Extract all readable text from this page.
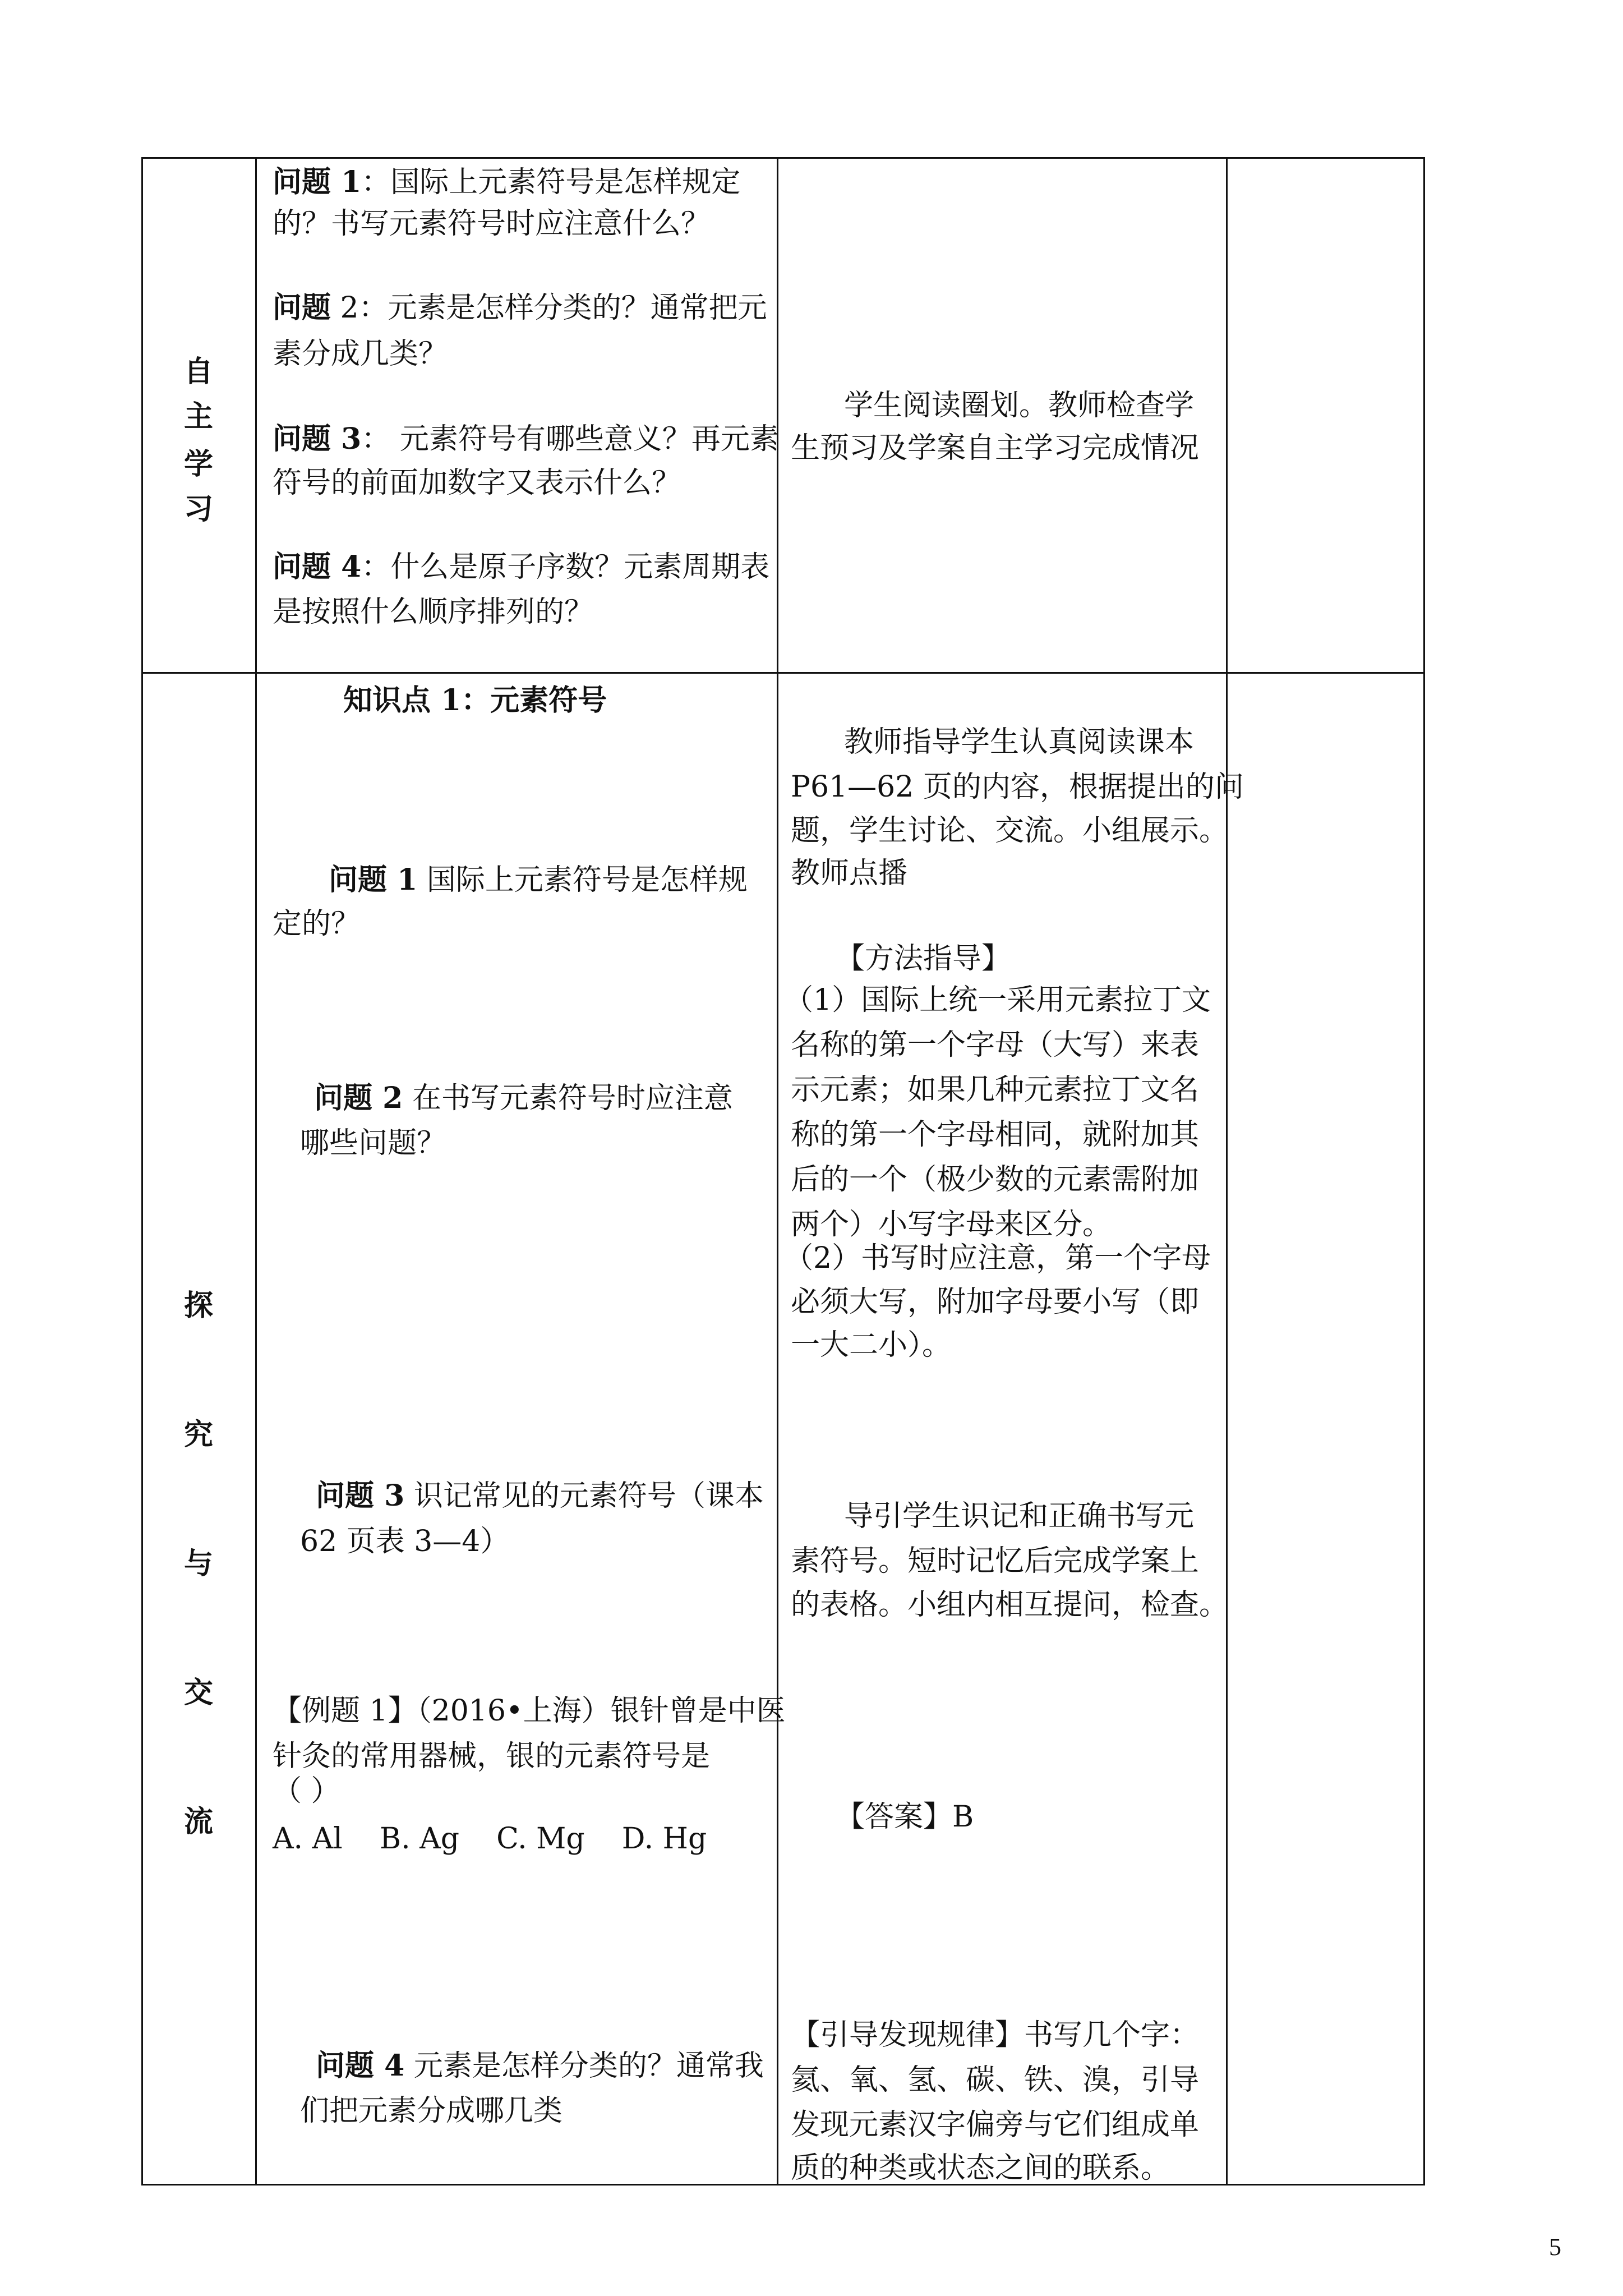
自
主
学
习
探
究
与
交
流

问题 1：国际上元素符号是怎样规定

的？书写元素符号时应注意什么？

问题 2：元素是怎样分类的？通常把元

素分成几类？

问题 3： 元素符号有哪些意义？再元素

符号的前面加数字又表示什么？

问题 4：什么是原子序数？元素周期表

是按照什么顺序排列的？

学生阅读圈划。教师检查学

生预习及学案自主学习完成情况

知识点 1：元素符号

问题 1 国际上元素符号是怎样规

定的？

问题 2 在书写元素符号时应注意

哪些问题？

问题 3 识记常见的元素符号（课本

62 页表 3—4）

【例题 1】（2016•上海）银针曾是中医

针灸的常用器械，银的元素符号是

（ ）

A. Al    B. Ag    C. Mg    D. Hg

问题 4 元素是怎样分类的？通常我

们把元素分成哪几类

教师指导学生认真阅读课本

P61—62 页的内容，根据提出的问

题，学生讨论、交流。小组展示。

教师点播

【方法指导】

（1）国际上统一采用元素拉丁文

名称的第一个字母（大写）来表

示元素；如果几种元素拉丁文名

称的第一个字母相同，就附加其

后的一个（极少数的元素需附加

两个）小写字母来区分。

（2）书写时应注意，第一个字母

必须大写，附加字母要小写（即

一大二小）。

导引学生识记和正确书写元

素符号。短时记忆后完成学案上

的表格。小组内相互提问，检查。

【答案】B

【引导发现规律】书写几个字：

氦、氧、氢、碳、铁、溴，引导

发现元素汉字偏旁与它们组成单

质的种类或状态之间的联系。

5
